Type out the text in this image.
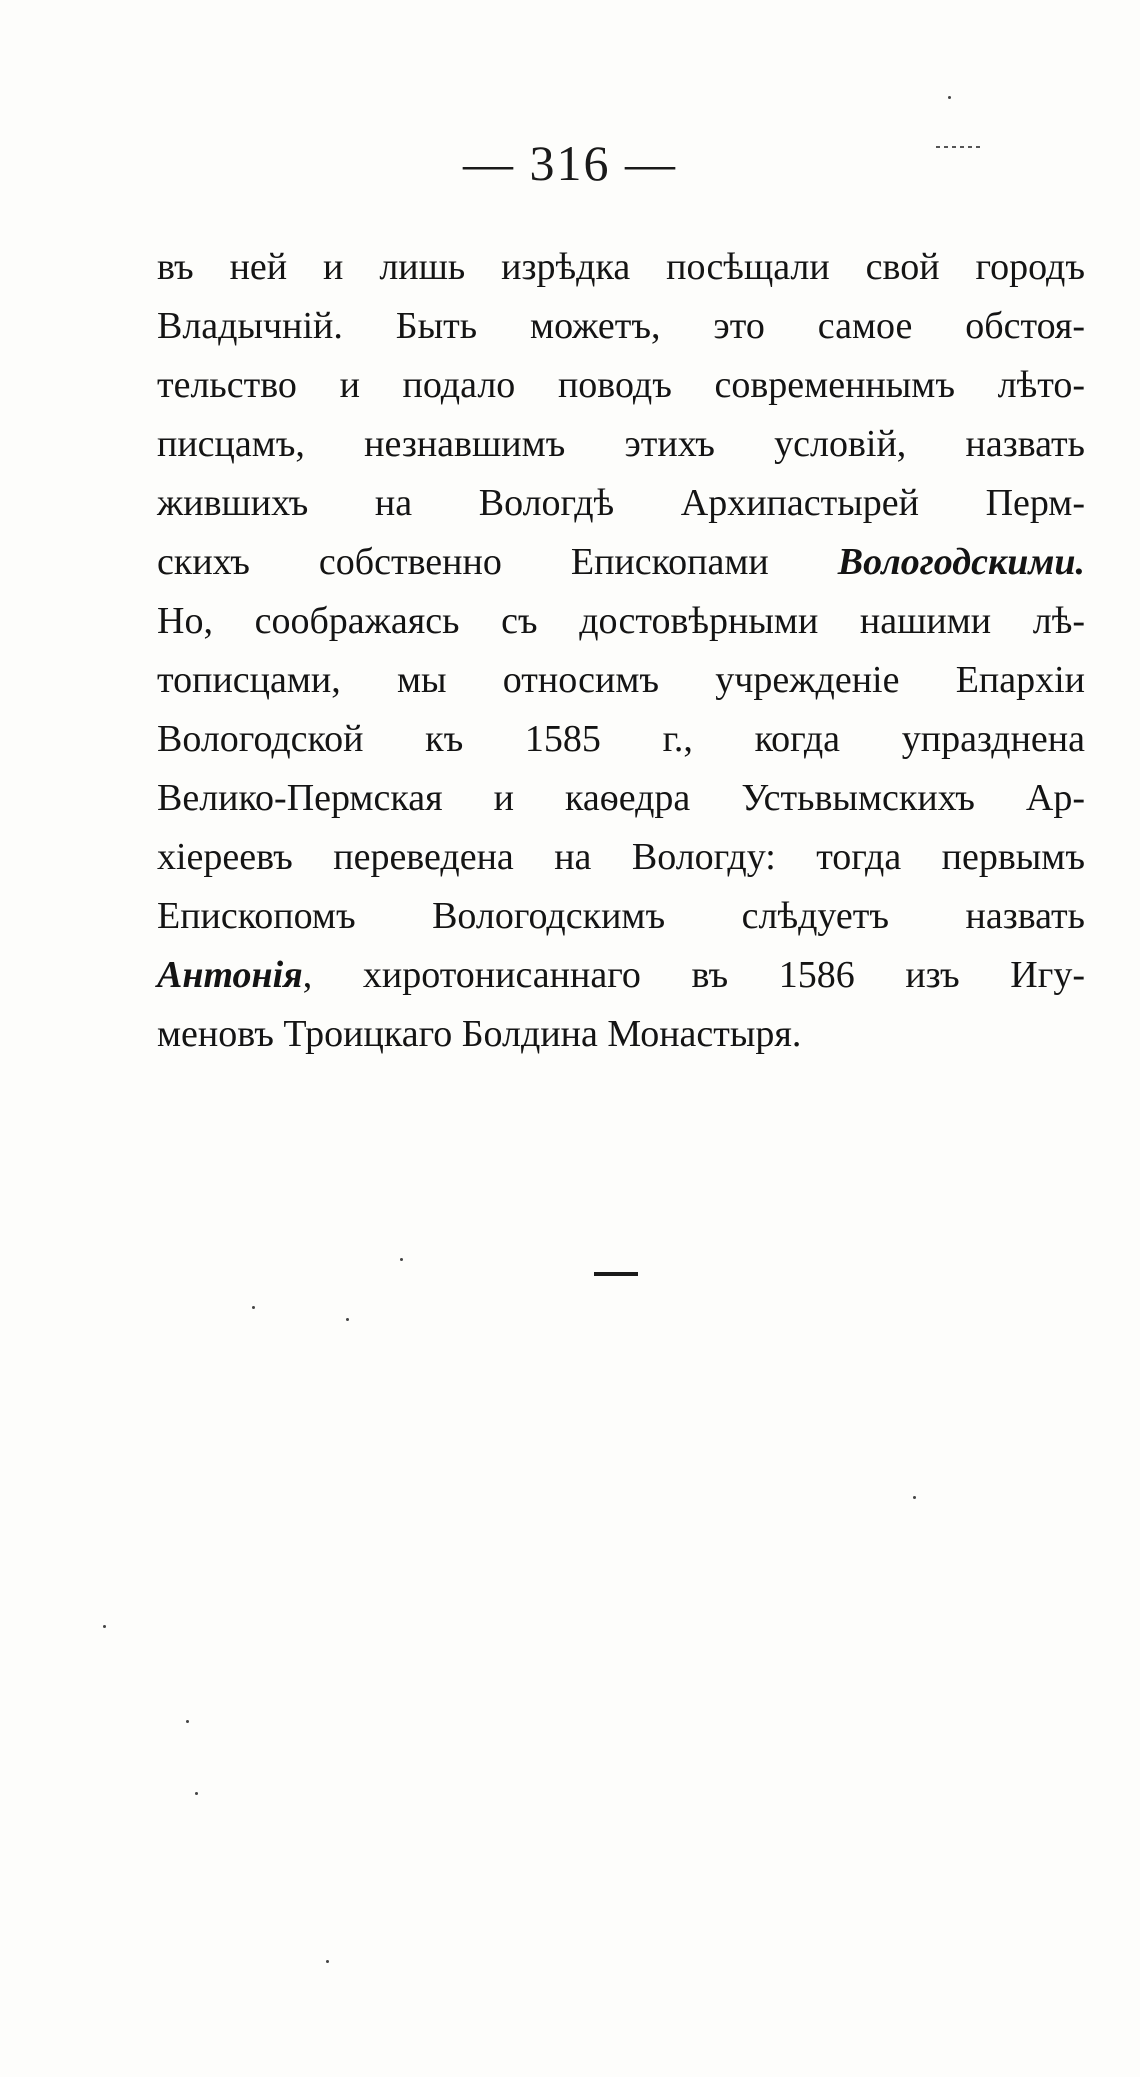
— 316 —
въ ней и лишь изрѣдка посѣщали свой городъ
Владычній. Быть можетъ, это самое обстоя-
тельство и подало поводъ современнымъ лѣто-
писцамъ, незнавшимъ этихъ условій, назвать
жившихъ на Вологдѣ Архипастырей Перм-
скихъ собственно Епископами Вологодскими.
Но, соображаясь съ достовѣрными нашими лѣ-
тописцами, мы относимъ учрежденіе Епархіи
Вологодской къ 1585 г., когда упразднена
Велико-Пермская и каѳедра Устьвымскихъ Ар-
хіереевъ переведена на Вологду: тогда первымъ
Епископомъ Вологодскимъ слѣдуетъ назвать
Антонія, хиротонисаннаго въ 1586 изъ Игу-
меновъ Троицкаго Болдина Монастыря.
